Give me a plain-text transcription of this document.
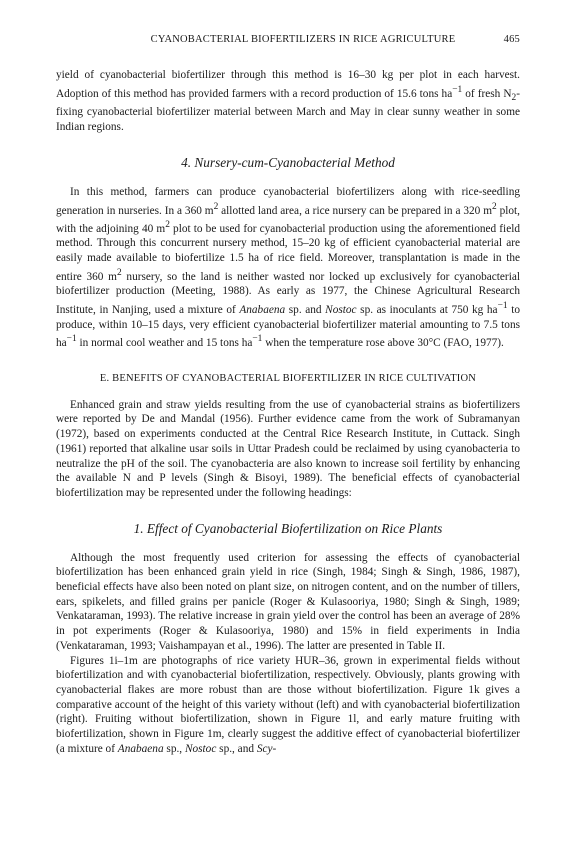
CYANOBACTERIAL BIOFERTILIZERS IN RICE AGRICULTURE	465

yield of cyanobacterial biofertilizer through this method is 16–30 kg per plot in each harvest. Adoption of this method has provided farmers with a record production of 15.6 tons $ha^{-1}$ of fresh $N_2$-fixing cyanobacterial biofertilizer material between March and May in clear sunny weather in some Indian regions.

4. Nursery-cum-Cyanobacterial Method

In this method, farmers can produce cyanobacterial biofertilizers along with rice-seedling generation in nurseries. In a 360 $m^2$ allotted land area, a rice nursery can be prepared in a 320 $m^2$ plot, with the adjoining 40 $m^2$ plot to be used for cyanobacterial production using the aforementioned field method. Through this concurrent nursery method, 15–20 kg of efficient cyanobacterial material are easily made available to biofertilize 1.5 ha of rice field. Moreover, transplantation is made in the entire 360 $m^2$ nursery, so the land is neither wasted nor locked up exclusively for cyanobacterial biofertilizer production (Meeting, 1988). As early as 1977, the Chinese Agricultural Research Institute, in Nanjing, used a mixture of Anabaena sp. and Nostoc sp. as inoculants at 750 kg $ha^{-1}$ to produce, within 10–15 days, very efficient cyanobacterial biofertilizer material amounting to 7.5 tons $ha^{-1}$ in normal cool weather and 15 tons $ha^{-1}$ when the temperature rose above 30°C (FAO, 1977).

E. BENEFITS OF CYANOBACTERIAL BIOFERTILIZER IN RICE CULTIVATION

Enhanced grain and straw yields resulting from the use of cyanobacterial strains as biofertilizers were reported by De and Mandal (1956). Further evidence came from the work of Subramanyan (1972), based on experiments conducted at the Central Rice Research Institute, in Cuttack. Singh (1961) reported that alkaline usar soils in Uttar Pradesh could be reclaimed by using cyanobacteria to neutralize the pH of the soil. The cyanobacteria are also known to increase soil fertility by enhancing the available N and P levels (Singh & Bisoyi, 1989). The beneficial effects of cyanobacterial biofertilization may be represented under the following headings:

1. Effect of Cyanobacterial Biofertilization on Rice Plants

Although the most frequently used criterion for assessing the effects of cyanobacterial biofertilization has been enhanced grain yield in rice (Singh, 1984; Singh & Singh, 1986, 1987), beneficial effects have also been noted on plant size, on nitrogen content, and on the number of tillers, ears, spikelets, and filled grains per panicle (Roger & Kulasooriya, 1980; Singh & Singh, 1989; Venkataraman, 1993). The relative increase in grain yield over the control has been an average of 28% in pot experiments (Roger & Kulasooriya, 1980) and 15% in field experiments in India (Venkataraman, 1993; Vaishampayan et al., 1996). The latter are presented in Table II.

Figures 1i–1m are photographs of rice variety HUR–36, grown in experimental fields without biofertilization and with cyanobacterial biofertilization, respectively. Obviously, plants growing with cyanobacterial flakes are more robust than are those without biofertilization. Figure 1k gives a comparative account of the height of this variety without (left) and with cyanobacterial biofertilization (right). Fruiting without biofertilization, shown in Figure 1l, and early mature fruiting with biofertilization, shown in Figure 1m, clearly suggest the additive effect of cyanobacterial biofertilizer (a mixture of Anabaena sp., Nostoc sp., and Scy-
